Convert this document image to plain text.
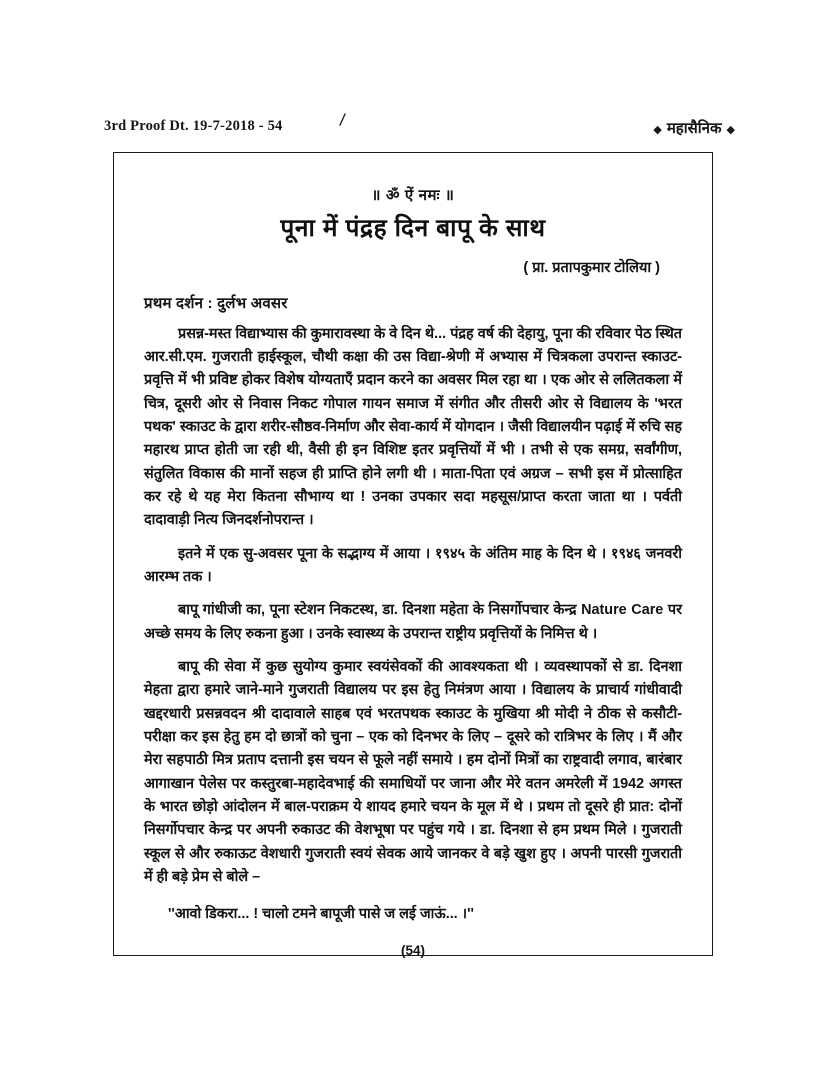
3rd Proof Dt. 19-7-2018 - 54	◆ महासैनिक ◆
॥ ॐ ऐं नमः ॥
पूना में पंद्रह दिन बापू के साथ
( प्रा. प्रतापकुमार टोलिया )
प्रथम दर्शन : दुर्लभ अवसर

प्रसन्न-मस्त विद्याभ्यास की कुमारावस्था के वे दिन थे... पंद्रह वर्ष की देहायु, पूना की रविवार पेठ स्थित आर.सी.एम. गुजराती हाईस्कूल, चौथी कक्षा की उस विद्या-श्रेणी में अभ्यास में चित्रकला उपरान्त स्काउट-प्रवृत्ति में भी प्रविष्ट होकर विशेष योग्यताएँ प्रदान करने का अवसर मिल रहा था । एक ओर से ललितकला में चित्र, दूसरी ओर से निवास निकट गोपाल गायन समाज में संगीत और तीसरी ओर से विद्यालय के 'भरत पथक' स्काउट के द्वारा शरीर-सौष्ठव-निर्माण और सेवा-कार्य में योगदान । जैसी विद्यालयीन पढ़ाई में रुचि सह महारथ प्राप्त होती जा रही थी, वैसी ही इन विशिष्ट इतर प्रवृत्तियों में भी । तभी से एक समग्र, सर्वांगीण, संतुलित विकास की मानों सहज ही प्राप्ति होने लगी थी । माता-पिता एवं अग्रज – सभी इस में प्रोत्साहित कर रहे थे यह मेरा कितना सौभाग्य था ! उनका उपकार सदा महसूस/प्राप्त करता जाता था । पर्वती दादावाड़ी नित्य जिनदर्शनोपरान्त ।

इतने में एक सु-अवसर पूना के सद्भाग्य में आया । १९४५ के अंतिम माह के दिन थे । १९४६ जनवरी आरम्भ तक ।

बापू गांधीजी का, पूना स्टेशन निकटस्थ, डा. दिनशा महेता के निसर्गोपचार केन्द्र Nature Care पर अच्छे समय के लिए रुकना हुआ । उनके स्वास्थ्य के उपरान्त राष्ट्रीय प्रवृत्तियों के निमित्त थे ।

बापू की सेवा में कुछ सुयोग्य कुमार स्वयंसेवकों की आवश्यकता थी । व्यवस्थापकों से डा. दिनशा मेहता द्वारा हमारे जाने-माने गुजराती विद्यालय पर इस हेतु निमंत्रण आया । विद्यालय के प्राचार्य गांधीवादी खद्दरधारी प्रसन्नवदन श्री दादावाले साहब एवं भरतपथक स्काउट के मुखिया श्री मोदी ने ठीक से कसौटी-परीक्षा कर इस हेतु हम दो छात्रों को चुना – एक को दिनभर के लिए – दूसरे को रात्रिभर के लिए । मैं और मेरा सहपाठी मित्र प्रताप दत्तानी इस चयन से फूले नहीं समाये । हम दोनों मित्रों का राष्ट्रवादी लगाव, बारंबार आगाखान पेलेस पर कस्तुरबा-महादेवभाई की समाधियों पर जाना और मेरे वतन अमरेली में 1942 अगस्त के भारत छोड़ो आंदोलन में बाल-पराक्रम ये शायद हमारे चयन के मूल में थे । प्रथम तो दूसरे ही प्रात: दोनों निसर्गोपचार केन्द्र पर अपनी रुकाउट की वेशभूषा पर पहुंच गये । डा. दिनशा से हम प्रथम मिले । गुजराती स्कूल से और रुकाऊट वेशधारी गुजराती स्वयं सेवक आये जानकर वे बड़े खुश हुए । अपनी पारसी गुजराती में ही बड़े प्रेम से बोले –

''आवो डिकरा... ! चालो टमने बापूजी पासे ज लई जाऊं... ।''

(54)
